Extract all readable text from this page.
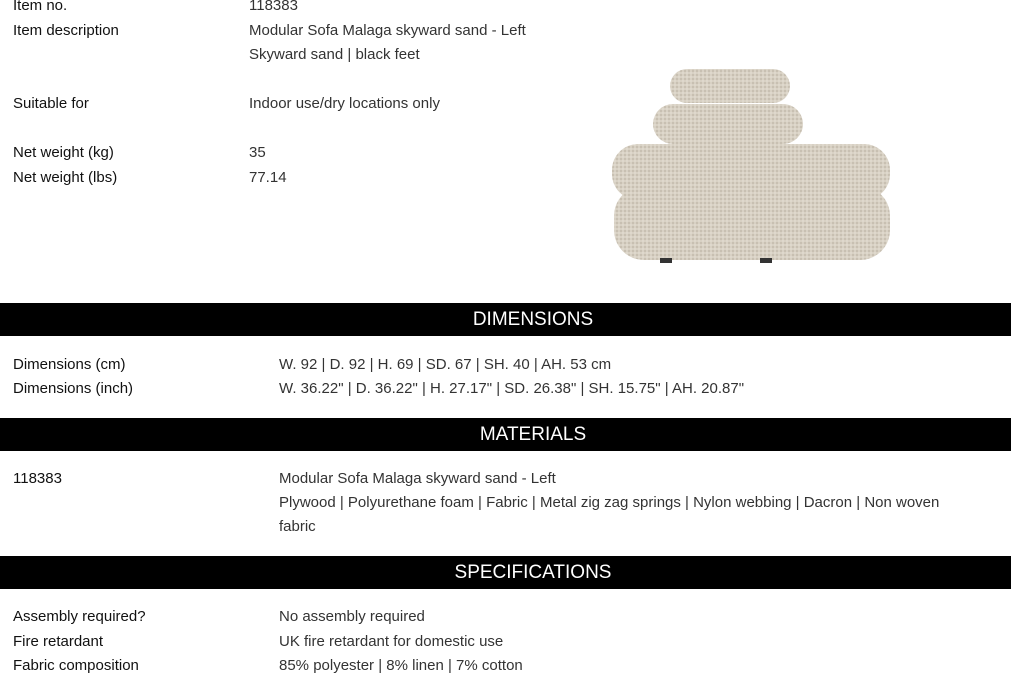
Item no.	118383
Item description	Modular Sofa Malaga skyward sand - Left
Skyward sand | black feet
Suitable for	Indoor use/dry locations only
Net weight (kg)	35
Net weight (lbs)	77.14
DIMENSIONS
Dimensions (cm)	W. 92 | D. 92 | H. 69 | SD. 67 | SH. 40 | AH. 53 cm
Dimensions (inch)	W. 36.22" | D. 36.22" | H. 27.17" | SD. 26.38" | SH. 15.75" | AH. 20.87"
MATERIALS
118383	Modular Sofa Malaga skyward sand - Left
Plywood | Polyurethane foam | Fabric | Metal zig zag springs | Nylon webbing | Dacron | Non woven
fabric
SPECIFICATIONS
Assembly required?	No assembly required
Fire retardant	UK fire retardant for domestic use
Fabric composition	85% polyester | 8% linen | 7% cotton
